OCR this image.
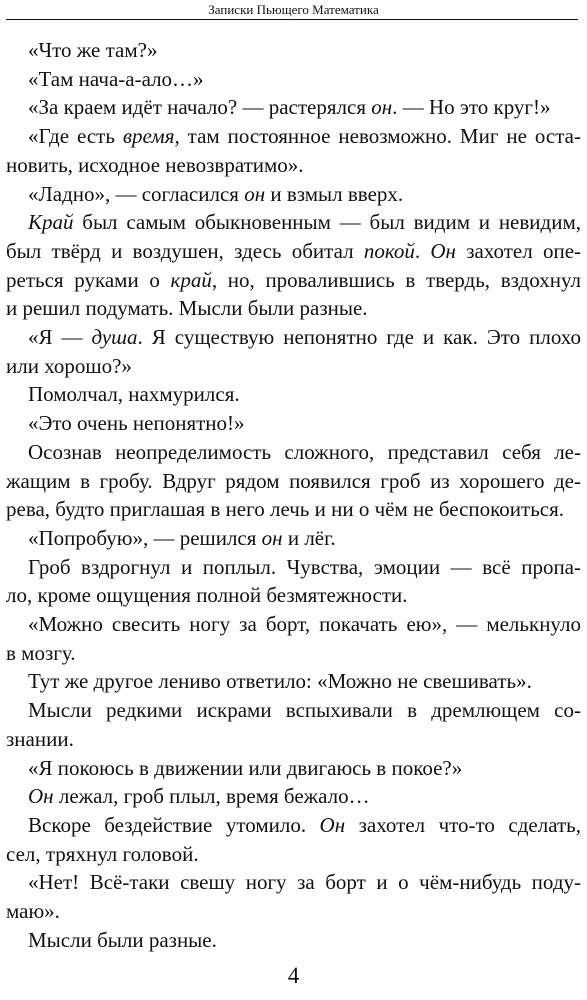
Записки Пьющего Математика

«Что же там?»

«Там нача-а-ало…»

«За краем идёт начало? — растерялся он. — Но это круг!»

«Где есть время, там постоянное невозможно. Миг не оста-

новить, исходное невозвратимо».

«Ладно», — согласился он и взмыл вверх.

Край был самым обыкновенным — был видим и невидим,

был твёрд и воздушен, здесь обитал покой. Он захотел опе-

реться руками о край, но, провалившись в твердь, вздохнул

и решил подумать. Мысли были разные.

«Я — душа. Я существую непонятно где и как. Это плохо

или хорошо?»

Помолчал, нахмурился.

«Это очень непонятно!»

Осознав неопределимость сложного, представил себя ле-

жащим в гробу. Вдруг рядом появился гроб из хорошего де-

рева, будто приглашая в него лечь и ни о чём не беспокоиться.

«Попробую», — решился он и лёг.

Гроб вздрогнул и поплыл. Чувства, эмоции — всё пропа-

ло, кроме ощущения полной безмятежности.

«Можно свесить ногу за борт, покачать ею», — мелькнуло

в мозгу.

Тут же другое лениво ответило: «Можно не свешивать».

Мысли редкими искрами вспыхивали в дремлющем со-

знании.

«Я покоюсь в движении или двигаюсь в покое?»

Он лежал, гроб плыл, время бежало…

Вскоре бездействие утомило. Он захотел что-то сделать,

сел, тряхнул головой.

«Нет! Всё-таки свешу ногу за борт и о чём-нибудь поду-

маю».

Мысли были разные.

4
